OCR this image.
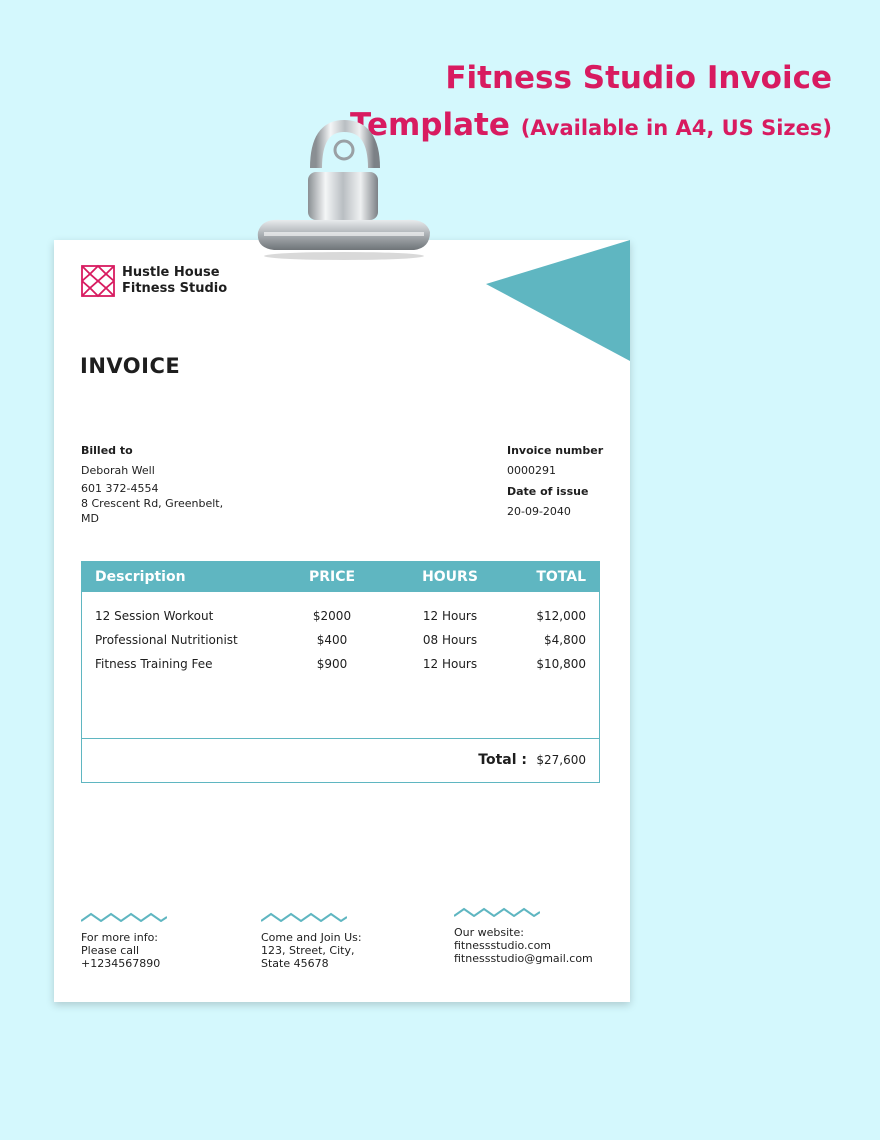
Fitness Studio Invoice
Template (Available in A4, US Sizes)
Hustle House
Fitness Studio
INVOICE
Billed to
Deborah Well
601 372-4554
8 Crescent Rd, Greenbelt,
MD
Invoice number
0000291
Date of issue
20-09-2040
Description	PRICE	HOURS	TOTAL
12 Session Workout	$2000	12 Hours	$12,000
Professional Nutritionist	$400	08 Hours	$4,800
Fitness Training Fee	$900	12 Hours	$10,800
Total : $27,600
For more info:
Please call
+1234567890
Come and Join Us:
123, Street, City,
State 45678
Our website:
fitnessstudio.com
fitnessstudio@gmail.com
